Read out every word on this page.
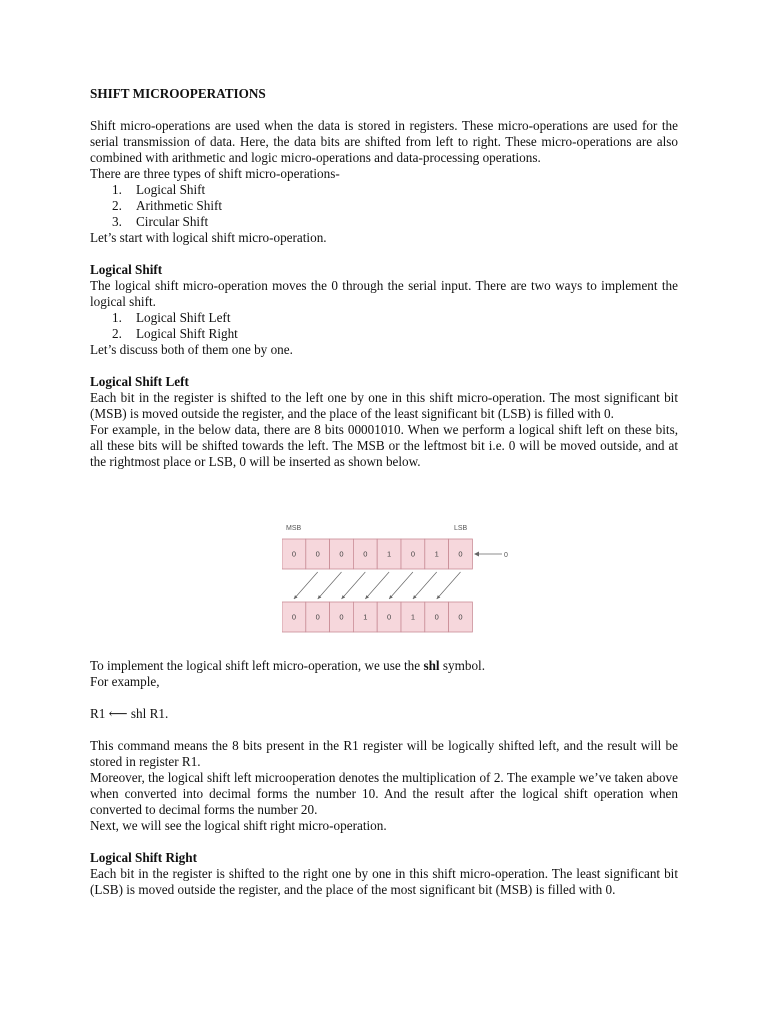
SHIFT MICROOPERATIONS

Shift micro-operations are used when the data is stored in registers. These micro-operations are used for the serial transmission of data. Here, the data bits are shifted from left to right. These micro-operations are also combined with arithmetic and logic micro-operations and data-processing operations.

There are three types of shift micro-operations-

1.	Logical Shift
2.	Arithmetic Shift
3.	Circular Shift

Let’s start with logical shift micro-operation.

Logical Shift

The logical shift micro-operation moves the 0 through the serial input. There are two ways to implement the logical shift.

1.	Logical Shift Left
2.	Logical Shift Right

Let’s discuss both of them one by one.

Logical Shift Left

Each bit in the register is shifted to the left one by one in this shift micro-operation. The most significant bit (MSB) is moved outside the register, and the place of the least significant bit (LSB) is filled with 0.

For example, in the below data, there are 8 bits 00001010. When we perform a logical shift left on these bits, all these bits will be shifted towards the left. The MSB or the leftmost bit i.e. 0 will be moved outside, and at the rightmost place or LSB, 0 will be inserted as shown below.

MSB	LSB
0	0	0	0	1	0	1	0
0	0	0	1	0	1	0	0
0

To implement the logical shift left micro-operation, we use the shl symbol.

For example,

R1 ⟵ shl R1.

This command means the 8 bits present in the R1 register will be logically shifted left, and the result will be stored in register R1.

Moreover, the logical shift left microoperation denotes the multiplication of 2. The example we’ve taken above when converted into decimal forms the number 10. And the result after the logical shift operation when converted to decimal forms the number 20.

Next, we will see the logical shift right micro-operation.

Logical Shift Right

Each bit in the register is shifted to the right one by one in this shift micro-operation. The least significant bit (LSB) is moved outside the register, and the place of the most significant bit (MSB) is filled with 0.
